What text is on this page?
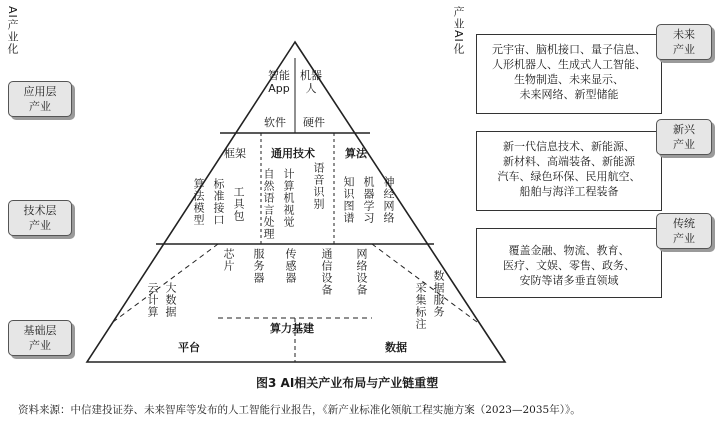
AI产业化	产业AI化
应用层
产业
技术层
产业
基础层
产业
元宇宙、脑机接口、量子信息、
人形机器人、生成式人工智能、
生物制造、未来显示、
未来网络、新型储能
新一代信息技术、新能源、
新材料、高端装备、新能源
汽车、绿色环保、民用航空、
船舶与海洋工程装备
覆盖金融、物流、教育、
医疗、文娱、零售、政务、
安防等诸多垂直领域
未来
产业
新兴
产业
传统
产业
智能
App
机器
人
软件 硬件
框架 通用技术	算法
算法模型 标准接口 工具包 自然语言处理 计算机视觉 语音识别 知识图谱 机器学习 神经网络
芯片 服务器 传感器 通信设备 网络设备
云计算 大数据	采集标注 数据服务
算力基建
平台	数据
图3 AI相关产业布局与产业链重塑
资料来源：中信建投证券、未来智库等发布的人工智能行业报告，《新产业标准化领航工程实施方案（2023—2035年）》。
